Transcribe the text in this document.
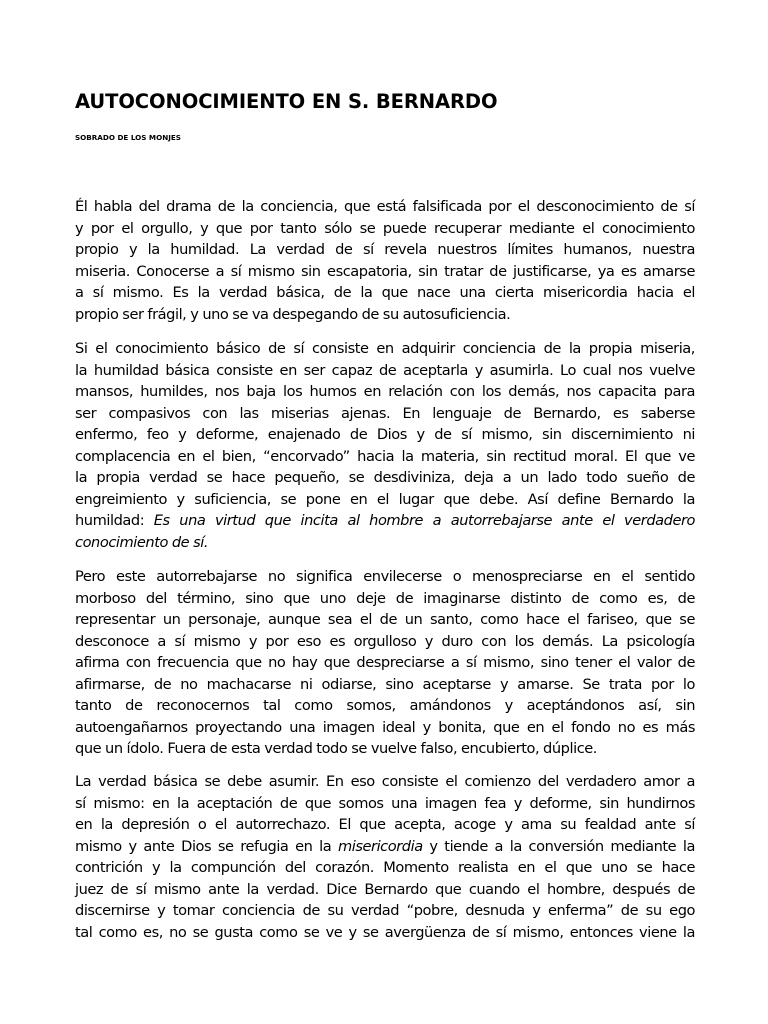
AUTOCONOCIMIENTO EN S. BERNARDO
SOBRADO DE LOS MONJES
Él habla del drama de la conciencia, que está falsificada por el desconocimiento de sí
y por el orgullo, y que por tanto sólo se puede recuperar mediante el conocimiento
propio y la humildad. La verdad de sí revela nuestros límites humanos, nuestra
miseria. Conocerse a sí mismo sin escapatoria, sin tratar de justificarse, ya es amarse
a sí mismo. Es la verdad básica, de la que nace una cierta misericordia hacia el
propio ser frágil, y uno se va despegando de su autosuficiencia.
Si el conocimiento básico de sí consiste en adquirir conciencia de la propia miseria,
la humildad básica consiste en ser capaz de aceptarla y asumirla. Lo cual nos vuelve
mansos, humildes, nos baja los humos en relación con los demás, nos capacita para
ser compasivos con las miserias ajenas. En lenguaje de Bernardo, es saberse
enfermo, feo y deforme, enajenado de Dios y de sí mismo, sin discernimiento ni
complacencia en el bien, “encorvado” hacia la materia, sin rectitud moral. El que ve
la propia verdad se hace pequeño, se desdiviniza, deja a un lado todo sueño de
engreimiento y suficiencia, se pone en el lugar que debe. Así define Bernardo la
humildad: Es una virtud que incita al hombre a autorrebajarse ante el verdadero
conocimiento de sí.
Pero este autorrebajarse no significa envilecerse o menospreciarse en el sentido
morboso del término, sino que uno deje de imaginarse distinto de como es, de
representar un personaje, aunque sea el de un santo, como hace el fariseo, que se
desconoce a sí mismo y por eso es orgulloso y duro con los demás. La psicología
afirma con frecuencia que no hay que despreciarse a sí mismo, sino tener el valor de
afirmarse, de no machacarse ni odiarse, sino aceptarse y amarse. Se trata por lo
tanto de reconocernos tal como somos, amándonos y aceptándonos así, sin
autoengañarnos proyectando una imagen ideal y bonita, que en el fondo no es más
que un ídolo. Fuera de esta verdad todo se vuelve falso, encubierto, dúplice.
La verdad básica se debe asumir. En eso consiste el comienzo del verdadero amor a
sí mismo: en la aceptación de que somos una imagen fea y deforme, sin hundirnos
en la depresión o el autorrechazo. El que acepta, acoge y ama su fealdad ante sí
mismo y ante Dios se refugia en la misericordia y tiende a la conversión mediante la
contrición y la compunción del corazón. Momento realista en el que uno se hace
juez de sí mismo ante la verdad. Dice Bernardo que cuando el hombre, después de
discernirse y tomar conciencia de su verdad “pobre, desnuda y enferma” de su ego
tal como es, no se gusta como se ve y se avergüenza de sí mismo, entonces viene la
